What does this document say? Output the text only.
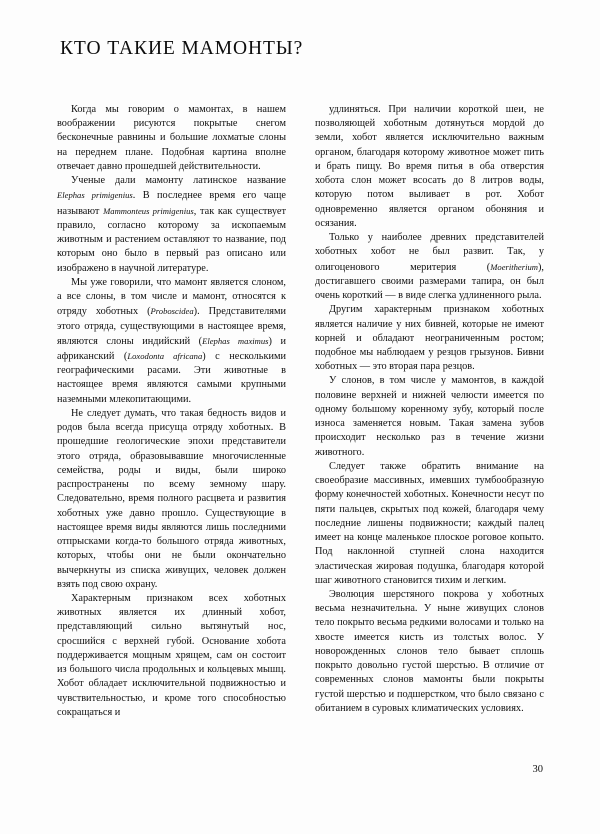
КТО ТАКИЕ МАМОНТЫ?

Когда мы говорим о мамонтах, в нашем воображении рисуются покрытые снегом бесконечные равнины и большие лохматые слоны на переднем плане. Подобная картина вполне отвечает давно прошедшей действительности.

Ученые дали мамонту латинское название Elephas primigenius. В последнее время его чаще называют Mammonteus primigenius, так как существует правило, согласно которому за ископаемым животным и растением оставляют то название, под которым оно было в первый раз описано или изображено в научной литературе.

Мы уже говорили, что мамонт является слоном, а все слоны, в том числе и мамонт, относятся к отряду хоботных (Proboscidea). Представителями этого отряда, существующими в настоящее время, являются слоны индийский (Elephas maximus) и африканский (Loxodonta africana) с несколькими географическими расами. Эти животные в настоящее время являются самыми крупными наземными млекопитающими.

Не следует думать, что такая бедность видов и родов была всегда присуща отряду хоботных. В прошедшие геологические эпохи представители этого отряда, образовывавшие многочисленные семейства, роды и виды, были широко распространены по всему земному шару. Следовательно, время полного расцвета и развития хоботных уже давно прошло. Существующие в настоящее время виды являются лишь последними отпрысками когда-то большого отряда животных, которых, чтобы они не были окончательно вычеркнуты из списка живущих, человек должен взять под свою охрану.

Характерным признаком всех хоботных животных является их длинный хобот, представляющий сильно вытянутый нос, сросшийся с верхней губой. Основание хобота поддерживается мощным хрящем, сам он состоит из большого числа продольных и кольцевых мышц. Хобот обладает исключительной подвижностью и чувствительностью, и кроме того способностью сокращаться и

удлиняться. При наличии короткой шеи, не позволяющей хоботным дотянуться мордой до земли, хобот является исключительно важным органом, благодаря которому животное может пить и брать пищу. Во время питья в оба отверстия хобота слон может всосать до 8 литров воды, которую потом выливает в рот. Хобот одновременно является органом обоняния и осязания.

Только у наиболее древних представителей хоботных хобот не был развит. Так, у олигоценового меритерия (Moeritherium), достигавшего своими размерами тапира, он был очень короткий — в виде слегка удлиненного рыла.

Другим характерным признаком хоботных является наличие у них бивней, которые не имеют корней и обладают неограниченным ростом; подобное мы наблюдаем у резцов грызунов. Бивни хоботных — это вторая пара резцов.

У слонов, в том числе у мамонтов, в каждой половине верхней и нижней челюсти имеется по одному большому коренному зубу, который после износа заменяется новым. Такая замена зубов происходит несколько раз в течение жизни животного.

Следует также обратить внимание на своеобразие массивных, имевших тумбообразную форму конечностей хоботных. Конечности несут по пяти пальцев, скрытых под кожей, благодаря чему последние лишены подвижности; каждый палец имеет на конце маленькое плоское роговое копыто. Под наклонной ступней слона находится эластическая жировая подушка, благодаря которой шаг животного становится тихим и легким.

Эволюция шерстяного покрова у хоботных весьма незначительна. У ныне живущих слонов тело покрыто весьма редкими волосами и только на хвосте имеется кисть из толстых волос. У новорожденных слонов тело бывает сплошь покрыто довольно густой шерстью. В отличие от современных слонов мамонты были покрыты густой шерстью и подшерстком, что было связано с обитанием в суровых климатических условиях.

30
